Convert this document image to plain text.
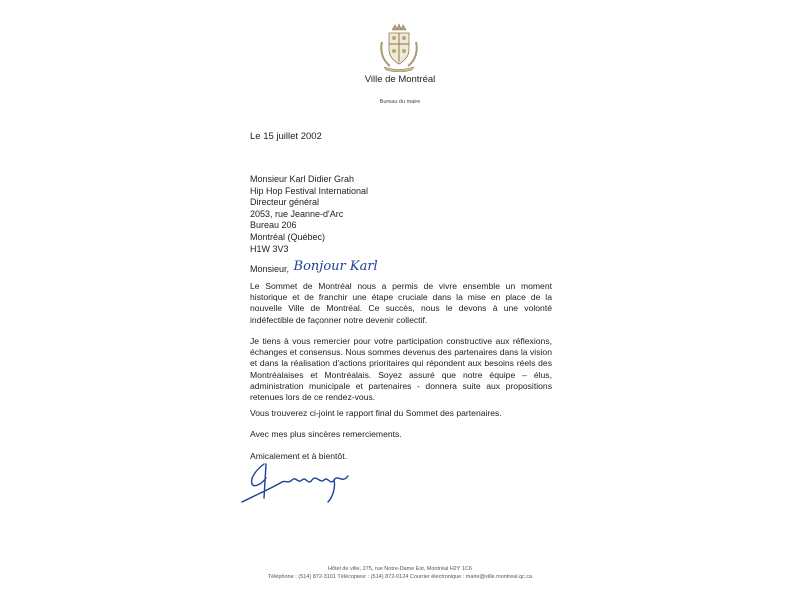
Ville de Montréal
Bureau du maire
Le 15 juillet 2002
Monsieur Karl Didier Grah
Hip Hop Festival International
Directeur général
2053, rue Jeanne-d'Arc
Bureau 206
Montréal (Québec)
H1W 3V3
Monsieur, Bonjour Karl
Le Sommet de Montréal nous a permis de vivre ensemble un moment historique et de franchir une étape cruciale dans la mise en place de la nouvelle Ville de Montréal. Ce succès, nous le devons à une volonté indéfectible de façonner notre devenir collectif.
Je tiens à vous remercier pour votre participation constructive aux réflexions, échanges et consensus. Nous sommes devenus des partenaires dans la vision et dans la réalisation d'actions prioritaires qui répondent aux besoins réels des Montréalaises et Montréalais. Soyez assuré que notre équipe – élus, administration municipale et partenaires - donnera suite aux propositions retenues lors de ce rendez-vous.
Vous trouverez ci-joint le rapport final du Sommet des partenaires.
Avec mes plus sincères remerciements.
Amicalement et à bientôt.
Hôtel de ville, 275, rue Notre-Dame Est, Montréal H2Y 1C6
Téléphone : (514) 872-3101 Télécopieur : (514) 872-0124 Courrier électronique : maire@ville.montreal.qc.ca
